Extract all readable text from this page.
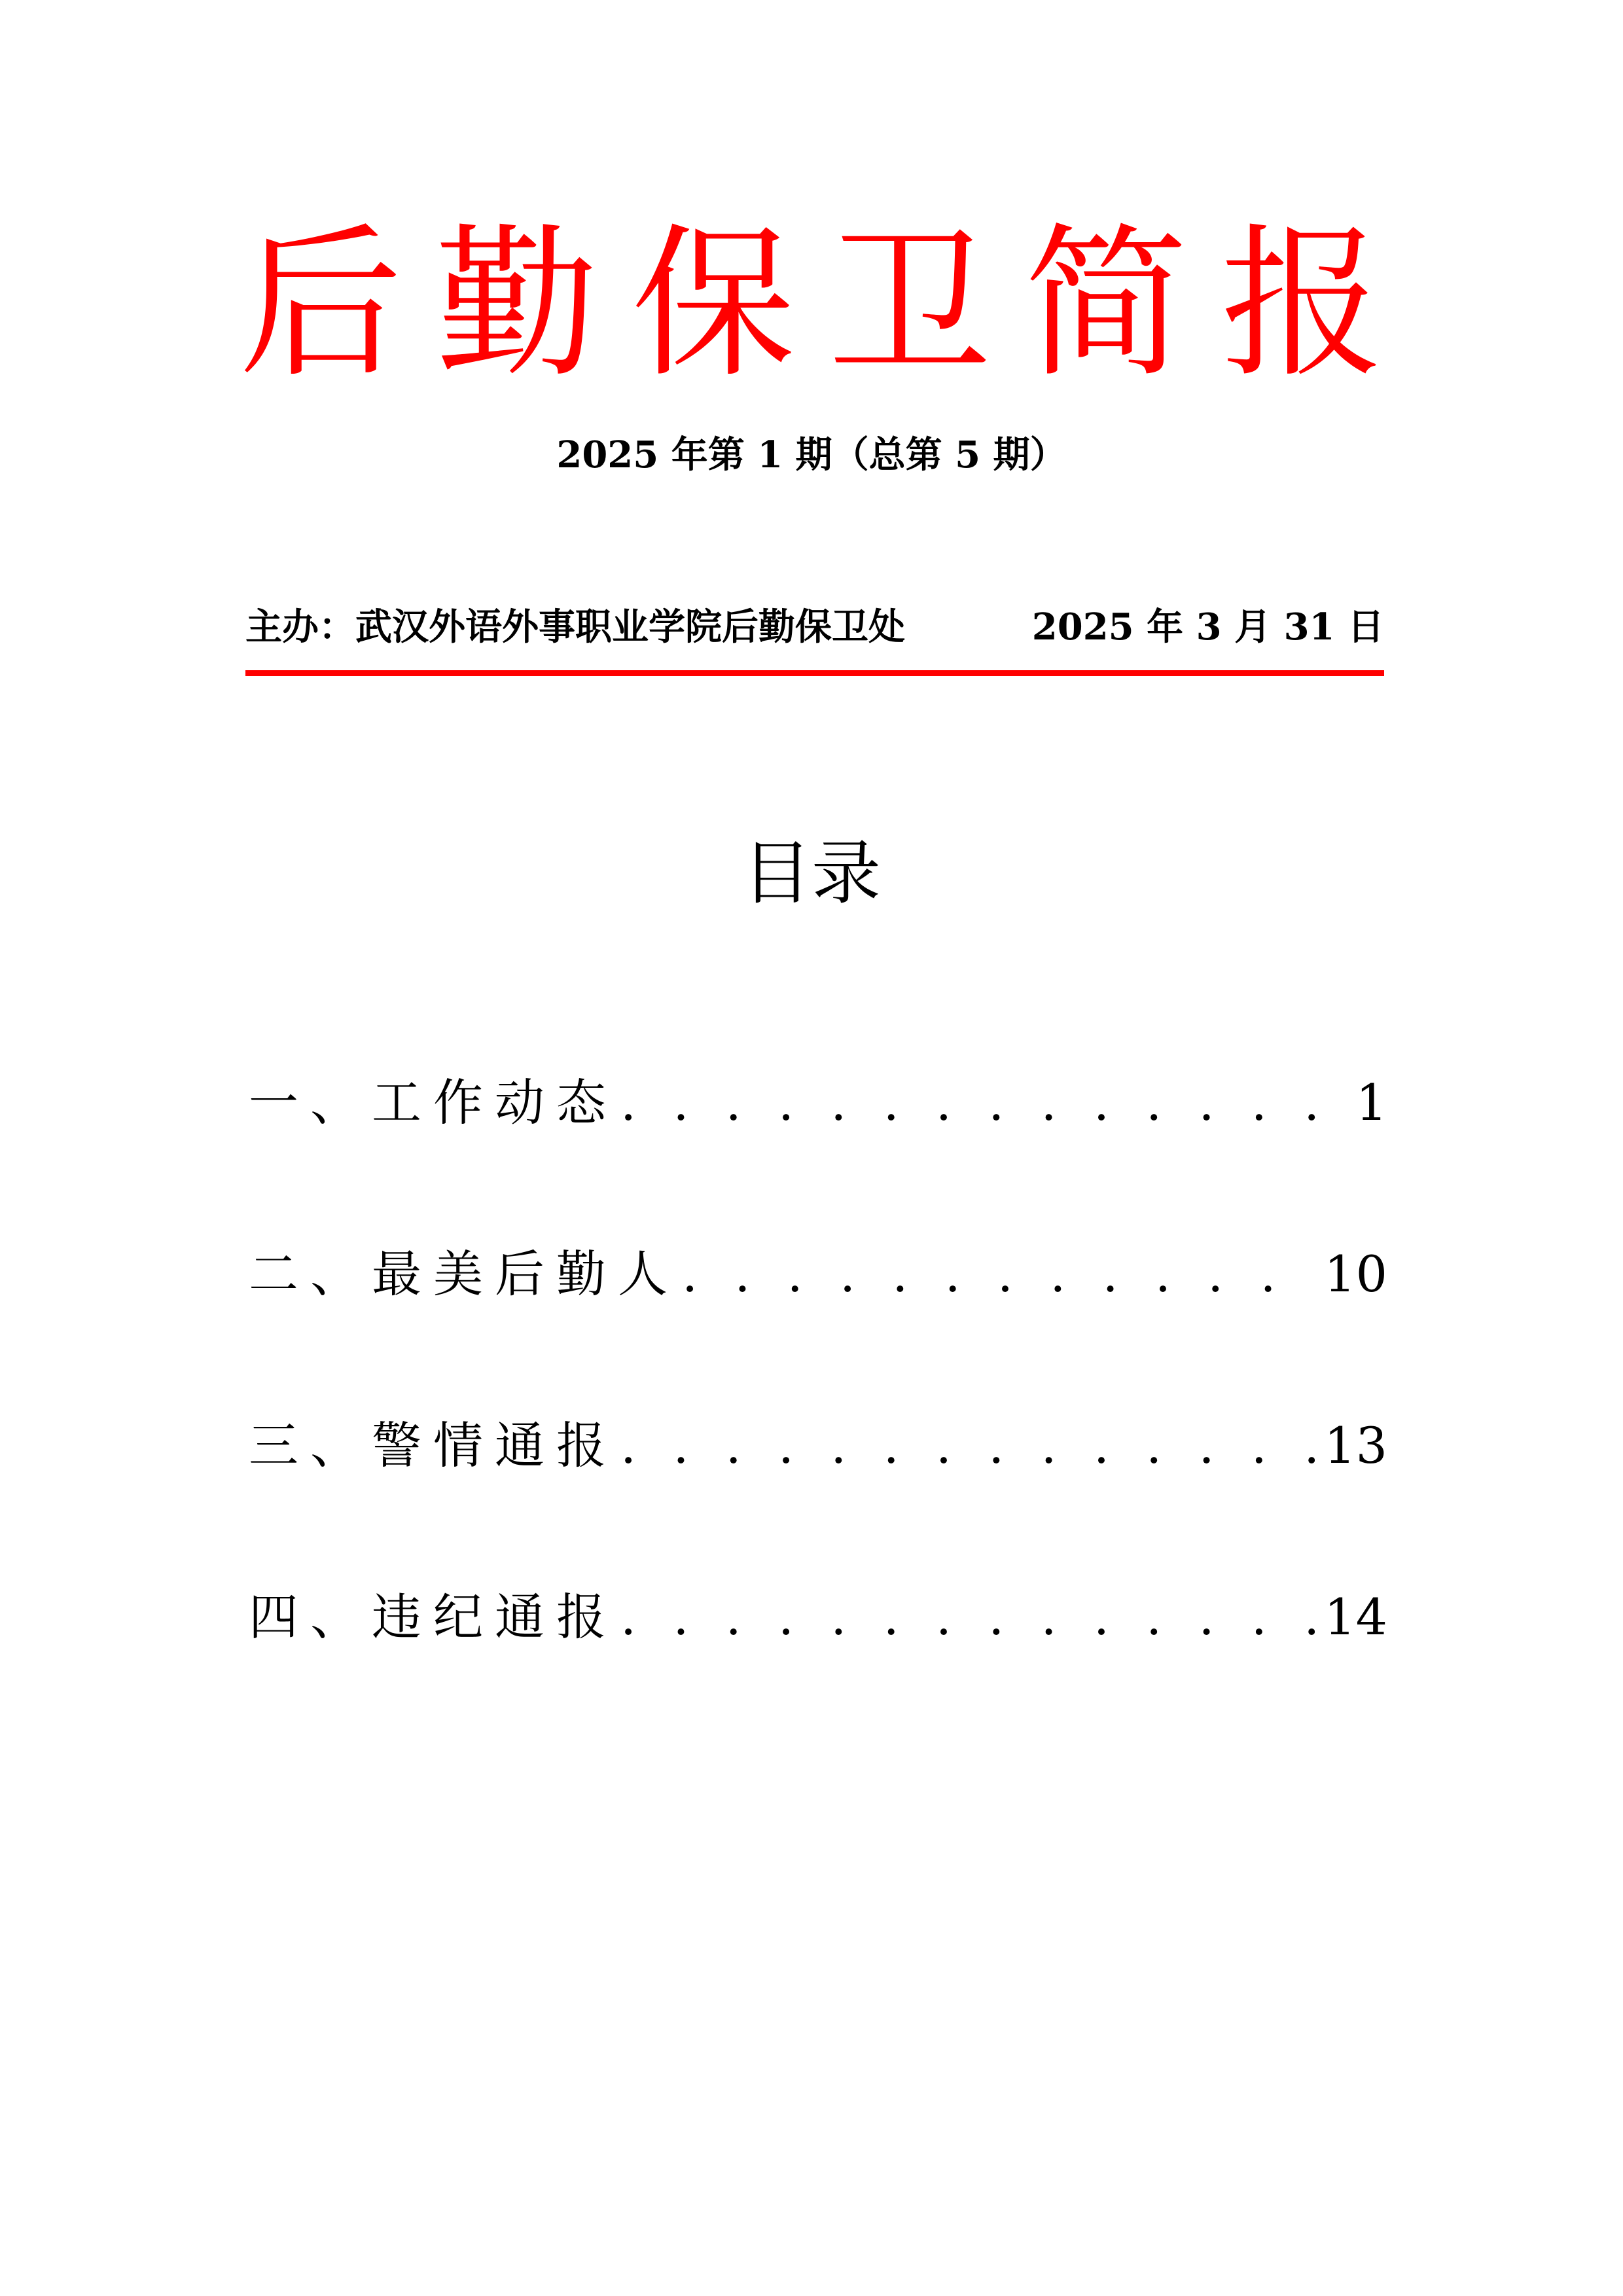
后勤保卫简报
2025 年第 1 期（总第 5 期）
主办：武汉外语外事职业学院后勤保卫处	2025 年 3 月 31 日
目录
一、工作动态 . . .	1
二、最美后勤人 . . .	10
三、警情通报 . . .	13
四、违纪通报 . . .	14
